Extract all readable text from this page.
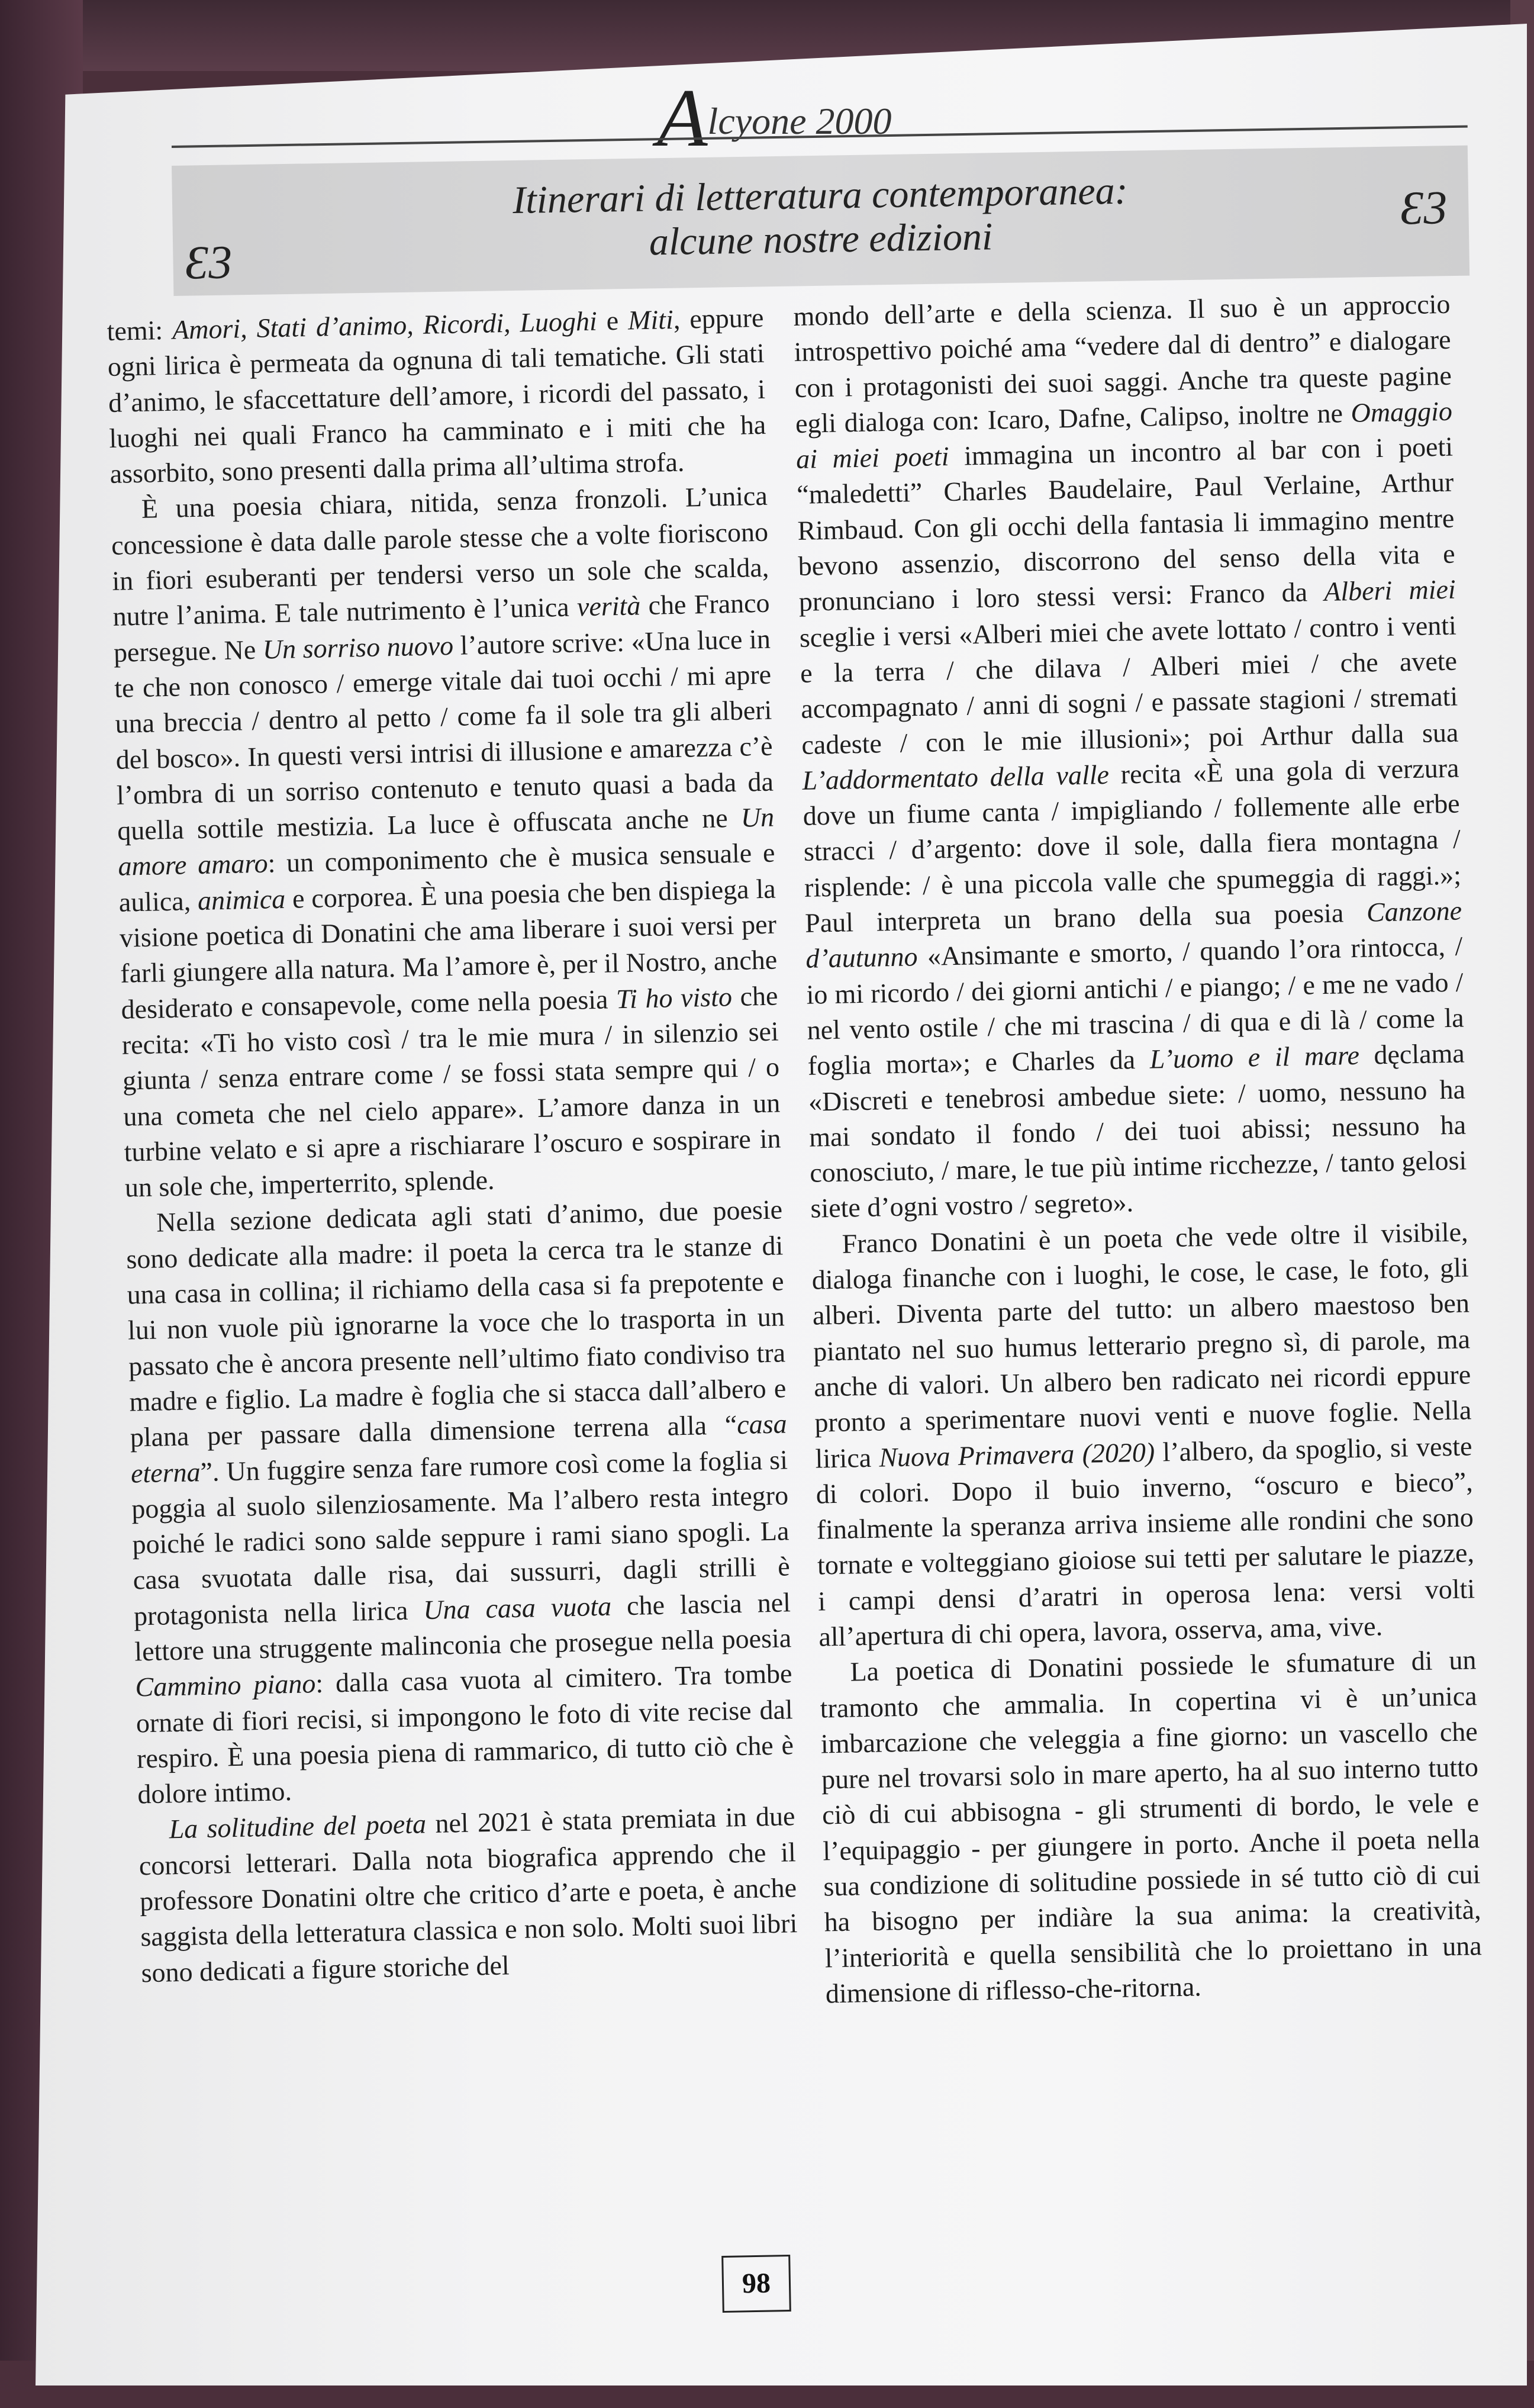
Alcyone 2000
Itinerari di letteratura contemporanea:
alcune nostre edizioni
Ɛ3
Ɛ3

temi: Amori, Stati d’animo, Ricordi, Luoghi e Miti, eppure ogni lirica è permeata da ognuna di tali tematiche. Gli stati d’animo, le sfaccettature dell’amore, i ricordi del passato, i luoghi nei quali Franco ha camminato e i miti che ha assorbito, sono presenti dalla prima all’ultima strofa.

È una poesia chiara, nitida, senza fronzoli. L’unica concessione è data dalle parole stesse che a volte fioriscono in fiori esuberanti per tendersi verso un sole che scalda, nutre l’anima. E tale nutrimento è l’unica verità che Franco persegue. Ne Un sorriso nuovo l’autore scrive: «Una luce in te che non conosco / emerge vitale dai tuoi occhi / mi apre una breccia / dentro al petto / come fa il sole tra gli alberi del bosco». In questi versi intrisi di illusione e amarezza c’è l’ombra di un sorriso contenuto e tenuto quasi a bada da quella sottile mestizia. La luce è offuscata anche ne Un amore amaro: un componimento che è musica sensuale e aulica, animica e corporea. È una poesia che ben dispiega la visione poetica di Donatini che ama liberare i suoi versi per farli giungere alla natura. Ma l’amore è, per il Nostro, anche desiderato e consapevole, come nella poesia Ti ho visto che recita: «Ti ho visto così / tra le mie mura / in silenzio sei giunta / senza entrare come / se fossi stata sempre qui / o una cometa che nel cielo appare». L’amore danza in un turbine velato e si apre a rischiarare l’oscuro e sospirare in un sole che, imperterrito, splende.

Nella sezione dedicata agli stati d’animo, due poesie sono dedicate alla madre: il poeta la cerca tra le stanze di una casa in collina; il richiamo della casa si fa prepotente e lui non vuole più ignorarne la voce che lo trasporta in un passato che è ancora presente nell’ultimo fiato condiviso tra madre e figlio. La madre è foglia che si stacca dall’albero e plana per passare dalla dimensione terrena alla “casa eterna”. Un fuggire senza fare rumore così come la foglia si poggia al suolo silenziosamente. Ma l’albero resta integro poiché le radici sono salde seppure i rami siano spogli. La casa svuotata dalle risa, dai sussurri, dagli strilli è protagonista nella lirica Una casa vuota che lascia nel lettore una struggente malinconia che prosegue nella poesia Cammino piano: dalla casa vuota al cimitero. Tra tombe ornate di fiori recisi, si impongono le foto di vite recise dal respiro. È una poesia piena di rammarico, di tutto ciò che è dolore intimo.

La solitudine del poeta nel 2021 è stata premiata in due concorsi letterari. Dalla nota biografica apprendo che il professore Donatini oltre che critico d’arte e poeta, è anche saggista della letteratura classica e non solo. Molti suoi libri sono dedicati a figure storiche del

mondo dell’arte e della scienza. Il suo è un approccio introspettivo poiché ama “vedere dal di dentro” e dialogare con i protagonisti dei suoi saggi. Anche tra queste pagine egli dialoga con: Icaro, Dafne, Calipso, inoltre ne Omaggio ai miei poeti immagina un incontro al bar con i poeti “maledetti” Charles Baudelaire, Paul Verlaine, Arthur Rimbaud. Con gli occhi della fantasia li immagino mentre bevono assenzio, discorrono del senso della vita e pronunciano i loro stessi versi: Franco da Alberi miei sceglie i versi «Alberi miei che avete lottato / contro i venti e la terra / che dilava / Alberi miei / che avete accompagnato / anni di sogni / e passate stagioni / stremati cadeste / con le mie illusioni»; poi Arthur dalla sua L’addormentato della valle recita «È una gola di verzura dove un fiume canta / impigliando / follemente alle erbe stracci / d’argento: dove il sole, dalla fiera montagna / risplende: / è una piccola valle che spumeggia di raggi.»; Paul interpreta un brano della sua poesia Canzone d’autunno «Ansimante e smorto, / quando l’ora rintocca, / io mi ricordo / dei giorni antichi / e piango; / e me ne vado / nel vento ostile / che mi trascina / di qua e di là / come la foglia morta»; e Charles da L’uomo e il mare dęclama «Discreti e tenebrosi ambedue siete: / uomo, nessuno ha mai sondato il fondo / dei tuoi abissi; nessuno ha conosciuto, / mare, le tue più intime ricchezze, / tanto gelosi siete d’ogni vostro / segreto».

Franco Donatini è un poeta che vede oltre il visibile, dialoga finanche con i luoghi, le cose, le case, le foto, gli alberi. Diventa parte del tutto: un albero maestoso ben piantato nel suo humus letterario pregno sì, di parole, ma anche di valori. Un albero ben radicato nei ricordi eppure pronto a sperimentare nuovi venti e nuove foglie. Nella lirica Nuova Primavera (2020) l’albero, da spoglio, si veste di colori. Dopo il buio inverno, “oscuro e bieco”, finalmente la speranza arriva insieme alle rondini che sono tornate e volteggiano gioiose sui tetti per salutare le piazze, i campi densi d’aratri in operosa lena: versi volti all’apertura di chi opera, lavora, osserva, ama, vive.

La poetica di Donatini possiede le sfumature di un tramonto che ammalia. In copertina vi è un’unica imbarcazione che veleggia a fine giorno: un vascello che pure nel trovarsi solo in mare aperto, ha al suo interno tutto ciò di cui abbisogna - gli strumenti di bordo, le vele e l’equipaggio - per giungere in porto. Anche il poeta nella sua condizione di solitudine possiede in sé tutto ciò di cui ha bisogno per indiàre la sua anima: la creatività, l’interiorità e quella sensibilità che lo proiettano in una dimensione di riflesso-che-ritorna.

98
